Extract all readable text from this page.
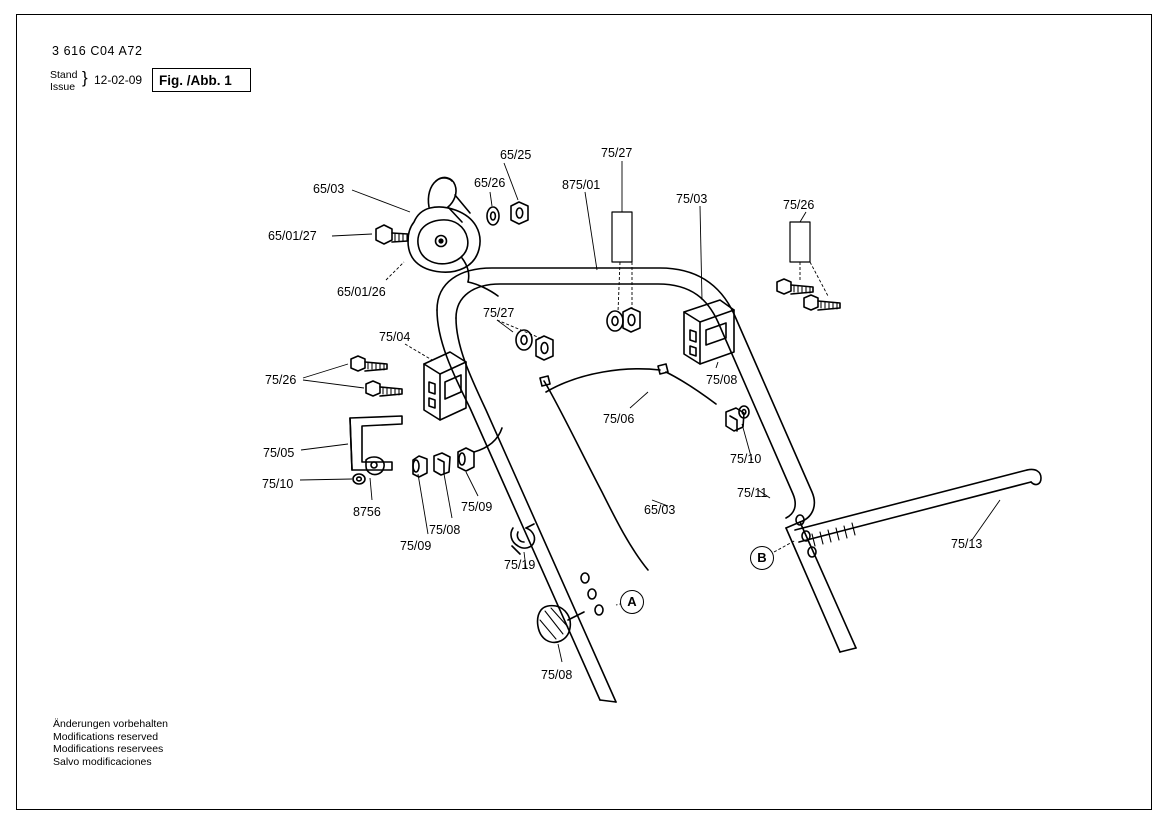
3 616 C04 A72
Stand
Issue } 12-02-09 Fig. /Abb. 1
65/25	75/27
65/26	875/01
65/03
75/03	75/26
65/01/27
65/01/26
75/27
75/04
75/26	75/08
75/06
75/05	75/10
75/10
75/09
75/11
8756	65/03
75/08
75/09	75/13
75/19
75/08
A
B
Änderungen vorbehalten
Modifications reserved
Modifications reservees
Salvo modificaciones
